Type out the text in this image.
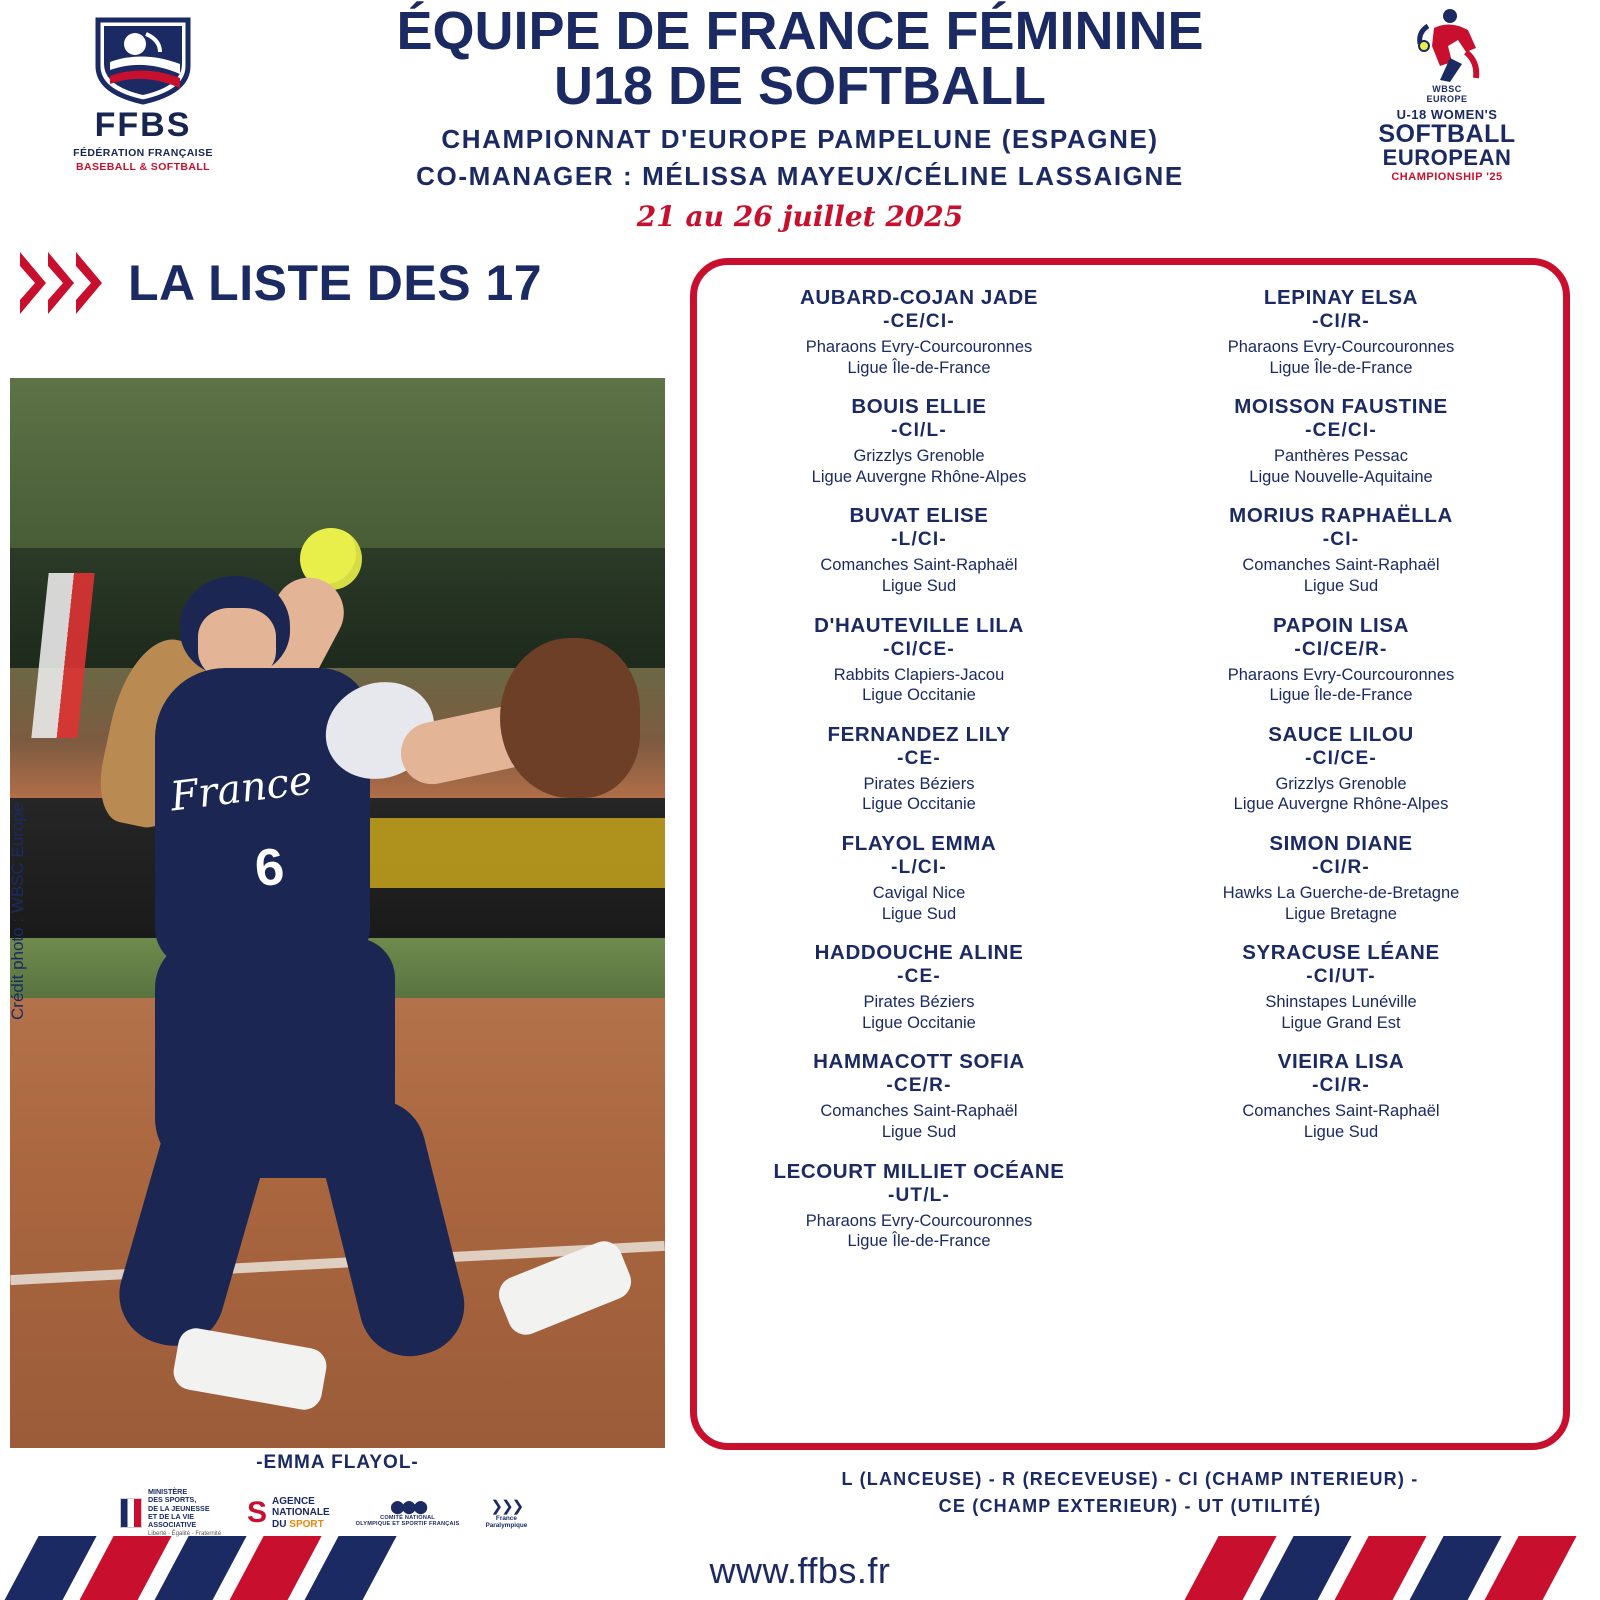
FFBS
FÉDÉRATION FRANÇAISE
BASEBALL & SOFTBALL
ÉQUIPE DE FRANCE FÉMININE
U18 DE SOFTBALL
CHAMPIONNAT D'EUROPE PAMPELUNE (ESPAGNE)
CO-MANAGER : MÉLISSA MAYEUX/CÉLINE LASSAIGNE
21 au 26 juillet 2025
WBSC
EUROPE
U-18 WOMEN'S
SOFTBALL
EUROPEAN
CHAMPIONSHIP '25
LA LISTE DES 17
France
6
Crédit photo : WBSC Europe
-EMMA FLAYOL-
MINISTÈRE
DES SPORTS,
DE LA JEUNESSE
ET DE LA VIE
ASSOCIATIVE
Liberté · Égalité · Fraternité
S AGENCE
NATIONALE
DU SPORT
⬤⬤⬤
COMITÉ NATIONAL
OLYMPIQUE ET SPORTIF FRANÇAIS
❯❯❯
France
Paralympique
AUBARD-COJAN JADE
-CE/CI-
Pharaons Evry-Courcouronnes
Ligue Île-de-France
BOUIS ELLIE
-CI/L-
Grizzlys Grenoble
Ligue Auvergne Rhône-Alpes
BUVAT ELISE
-L/CI-
Comanches Saint-Raphaël
Ligue Sud
D'HAUTEVILLE LILA
-CI/CE-
Rabbits Clapiers-Jacou
Ligue Occitanie
FERNANDEZ LILY
-CE-
Pirates Béziers
Ligue Occitanie
FLAYOL EMMA
-L/CI-
Cavigal Nice
Ligue Sud
HADDOUCHE ALINE
-CE-
Pirates Béziers
Ligue Occitanie
HAMMACOTT SOFIA
-CE/R-
Comanches Saint-Raphaël
Ligue Sud
LECOURT MILLIET OCÉANE
-UT/L-
Pharaons Evry-Courcouronnes
Ligue Île-de-France
LEPINAY ELSA
-CI/R-
Pharaons Evry-Courcouronnes
Ligue Île-de-France
MOISSON FAUSTINE
-CE/CI-
Panthères Pessac
Ligue Nouvelle-Aquitaine
MORIUS RAPHAËLLA
-CI-
Comanches Saint-Raphaël
Ligue Sud
PAPOIN LISA
-CI/CE/R-
Pharaons Evry-Courcouronnes
Ligue Île-de-France
SAUCE LILOU
-CI/CE-
Grizzlys Grenoble
Ligue Auvergne Rhône-Alpes
SIMON DIANE
-CI/R-
Hawks La Guerche-de-Bretagne
Ligue Bretagne
SYRACUSE LÉANE
-CI/UT-
Shinstapes Lunéville
Ligue Grand Est
VIEIRA LISA
-CI/R-
Comanches Saint-Raphaël
Ligue Sud
L (LANCEUSE) - R (RECEVEUSE) - CI (CHAMP INTERIEUR) -
CE (CHAMP EXTERIEUR) - UT (UTILITÉ)
www.ffbs.fr
